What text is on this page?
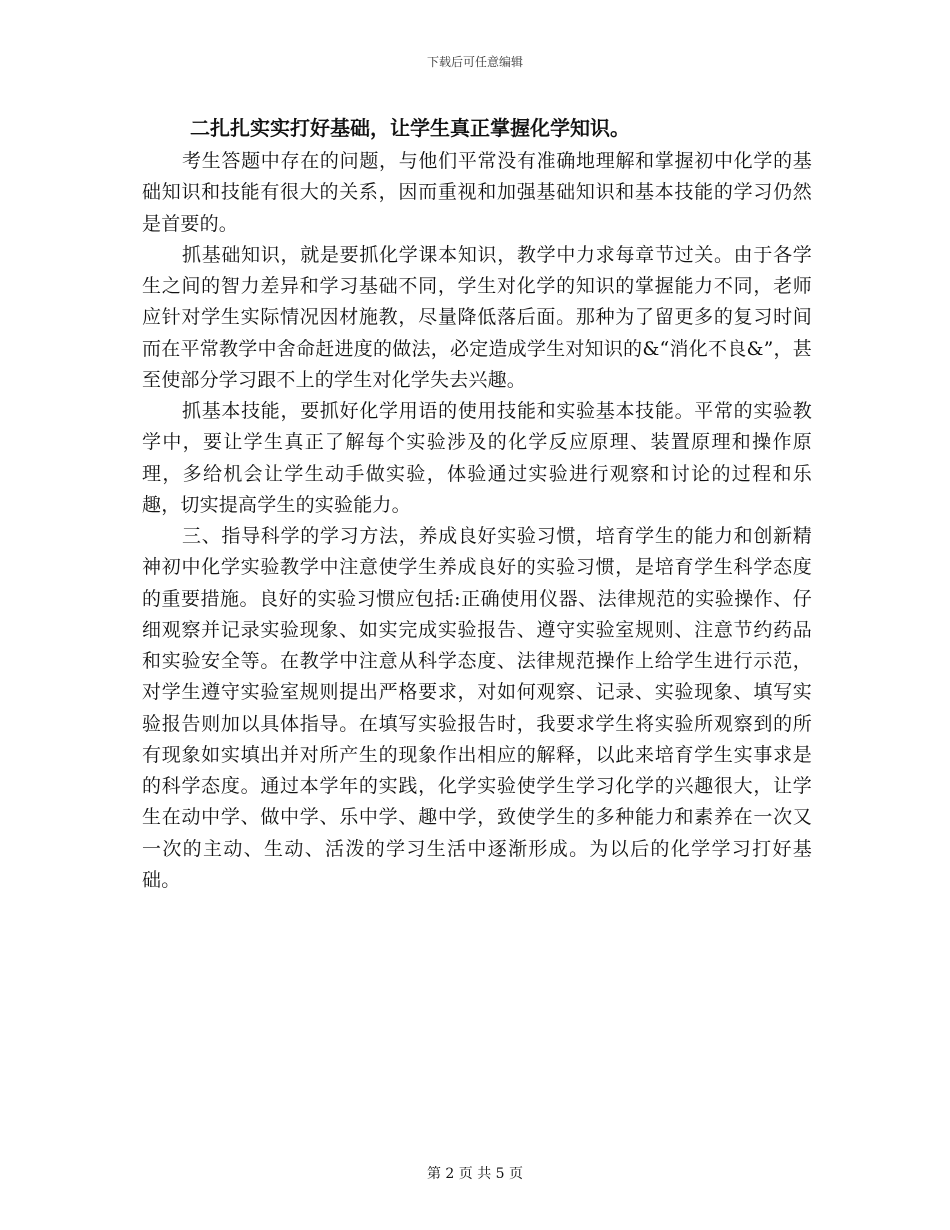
下载后可任意编辑

二扎扎实实打好基础，让学生真正掌握化学知识。

考生答题中存在的问题，与他们平常没有准确地理解和掌握初中化学的基础知识和技能有很大的关系，因而重视和加强基础知识和基本技能的学习仍然是首要的。

抓基础知识，就是要抓化学课本知识，教学中力求每章节过关。由于各学生之间的智力差异和学习基础不同，学生对化学的知识的掌握能力不同，老师应针对学生实际情况因材施教，尽量降低落后面。那种为了留更多的复习时间而在平常教学中舍命赶进度的做法，必定造成学生对知识的&“消化不良&”，甚至使部分学习跟不上的学生对化学失去兴趣。

抓基本技能，要抓好化学用语的使用技能和实验基本技能。平常的实验教学中，要让学生真正了解每个实验涉及的化学反应原理、装置原理和操作原理，多给机会让学生动手做实验，体验通过实验进行观察和讨论的过程和乐趣，切实提高学生的实验能力。

三、指导科学的学习方法，养成良好实验习惯，培育学生的能力和创新精神初中化学实验教学中注意使学生养成良好的实验习惯，是培育学生科学态度的重要措施。良好的实验习惯应包括:正确使用仪器、法律规范的实验操作、仔细观察并记录实验现象、如实完成实验报告、遵守实验室规则、注意节约药品和实验安全等。在教学中注意从科学态度、法律规范操作上给学生进行示范，对学生遵守实验室规则提出严格要求，对如何观察、记录、实验现象、填写实验报告则加以具体指导。在填写实验报告时，我要求学生将实验所观察到的所有现象如实填出并对所产生的现象作出相应的解释，以此来培育学生实事求是的科学态度。通过本学年的实践，化学实验使学生学习化学的兴趣很大，让学生在动中学、做中学、乐中学、趣中学，致使学生的多种能力和素养在一次又一次的主动、生动、活泼的学习生活中逐渐形成。为以后的化学学习打好基础。

第 2 页 共 5 页
